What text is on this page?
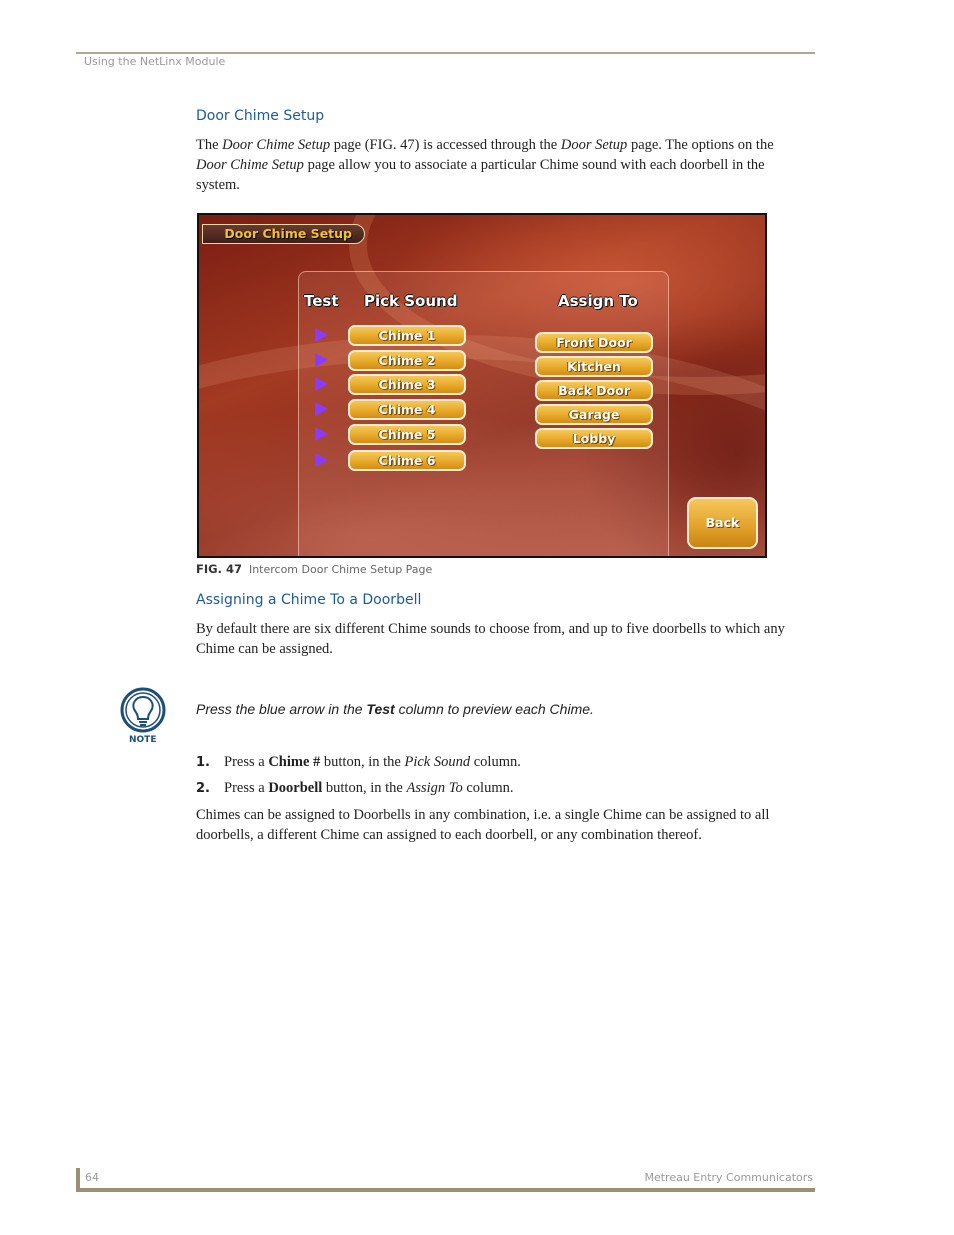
Using the NetLinx Module
Door Chime Setup
The Door Chime Setup page (FIG. 47) is accessed through the Door Setup page. The options on the Door Chime Setup page allow you to associate a particular Chime sound with each doorbell in the system.
Door Chime Setup
Test Pick Sound	Assign To
Chime 1
Chime 2
Chime 3
Chime 4
Chime 5
Chime 6
Front Door
Kitchen
Back Door
Garage
Lobby
Back
FIG. 47 Intercom Door Chime Setup Page
Assigning a Chime To a Doorbell
By default there are six different Chime sounds to choose from, and up to five doorbells to which any Chime can be assigned.
NOTE
Press the blue arrow in the Test column to preview each Chime.
1. Press a Chime # button, in the Pick Sound column.
2. Press a Doorbell button, in the Assign To column.
Chimes can be assigned to Doorbells in any combination, i.e. a single Chime can be assigned to all doorbells, a different Chime can assigned to each doorbell, or any combination thereof.
64	Metreau Entry Communicators
